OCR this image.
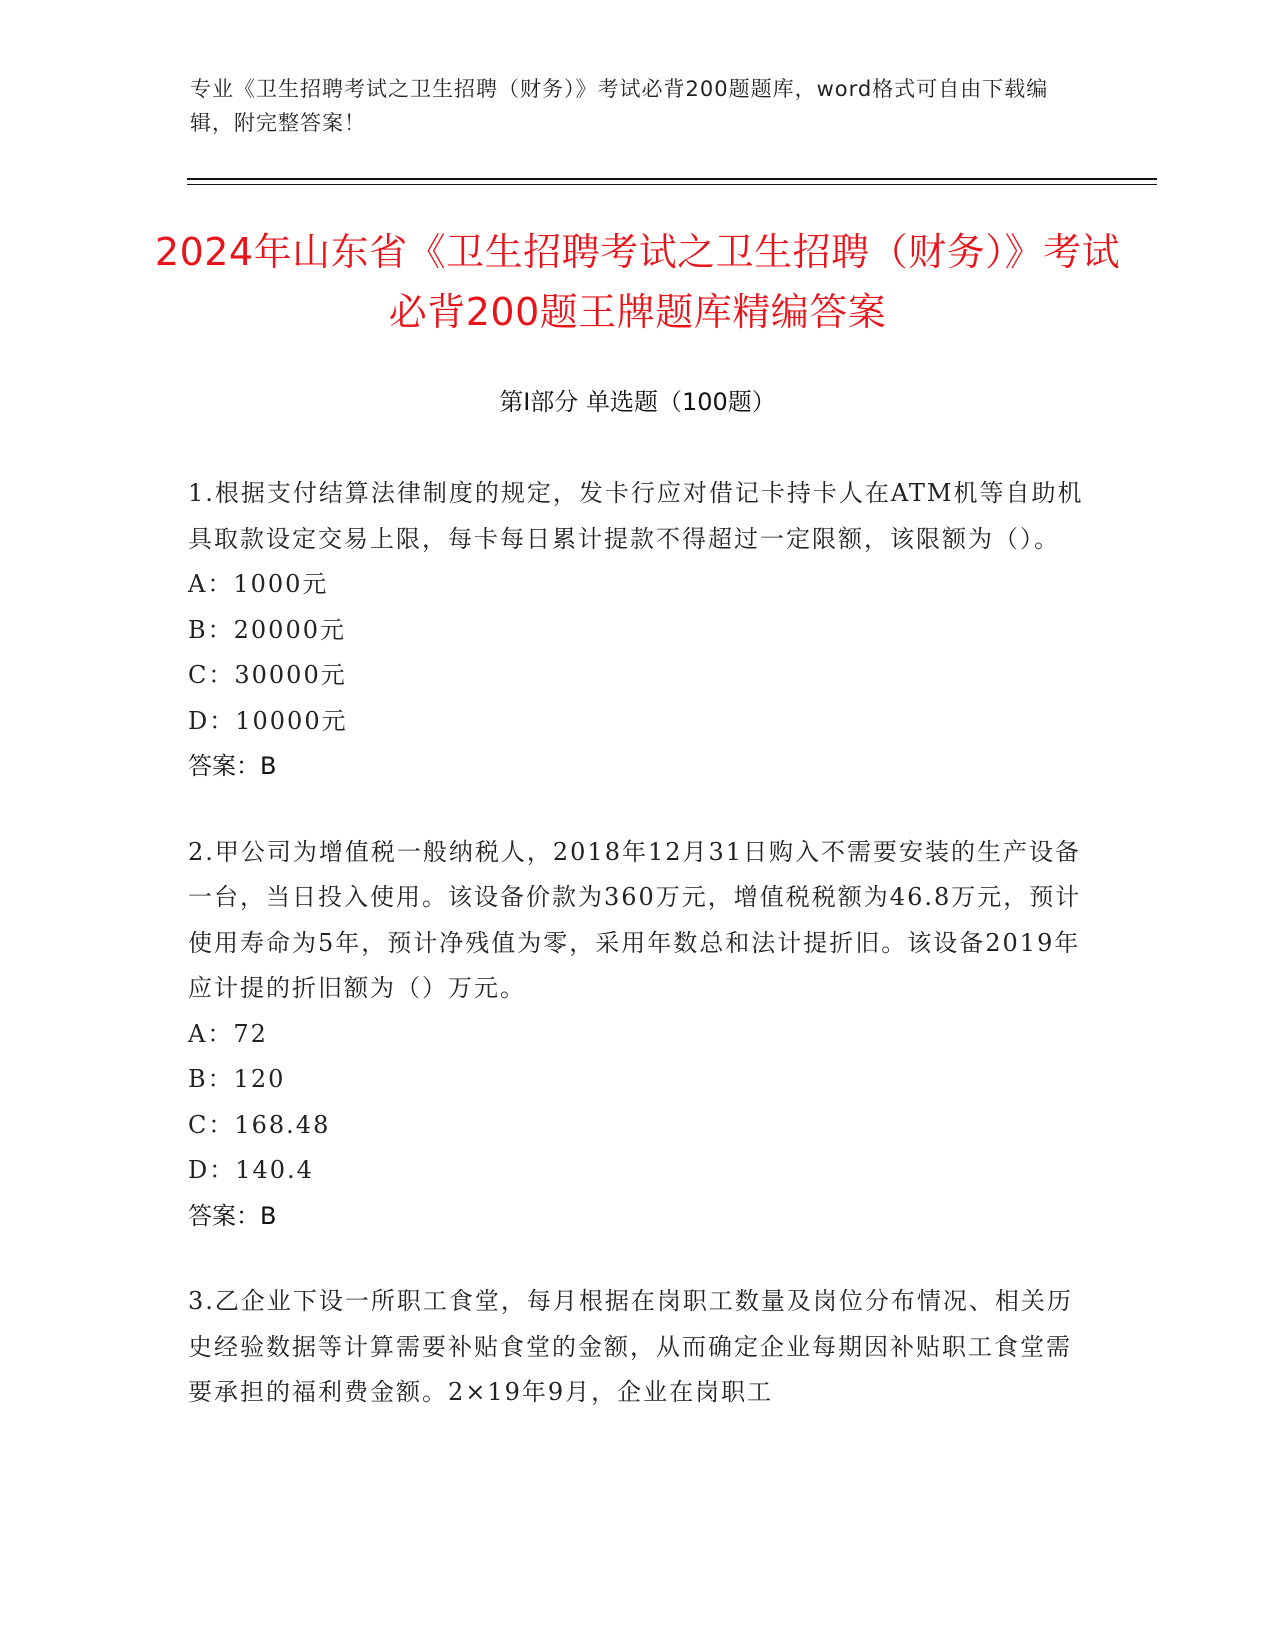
专业《卫生招聘考试之卫生招聘（财务）》考试必背200题题库，word格式可自由下载编辑，附完整答案！
2024年山东省《卫生招聘考试之卫生招聘（财务）》考试必背200题王牌题库精编答案
第I部分 单选题（100题）

1.根据支付结算法律制度的规定，发卡行应对借记卡持卡人在ATM机等自助机具取款设定交易上限，每卡每日累计提款不得超过一定限额，该限额为（）。

A：1000元

B：20000元

C：30000元

D：10000元

答案：B

2.甲公司为增值税一般纳税人，2018年12月31日购入不需要安装的生产设备一台，当日投入使用。该设备价款为360万元，增值税税额为46.8万元，预计使用寿命为5年，预计净残值为零，采用年数总和法计提折旧。该设备2019年应计提的折旧额为（）万元。

A：72

B：120

C：168.48

D：140.4

答案：B

3.乙企业下设一所职工食堂，每月根据在岗职工数量及岗位分布情况、相关历史经验数据等计算需要补贴食堂的金额，从而确定企业每期因补贴职工食堂需要承担的福利费金额。2×19年9月，企业在岗职工
